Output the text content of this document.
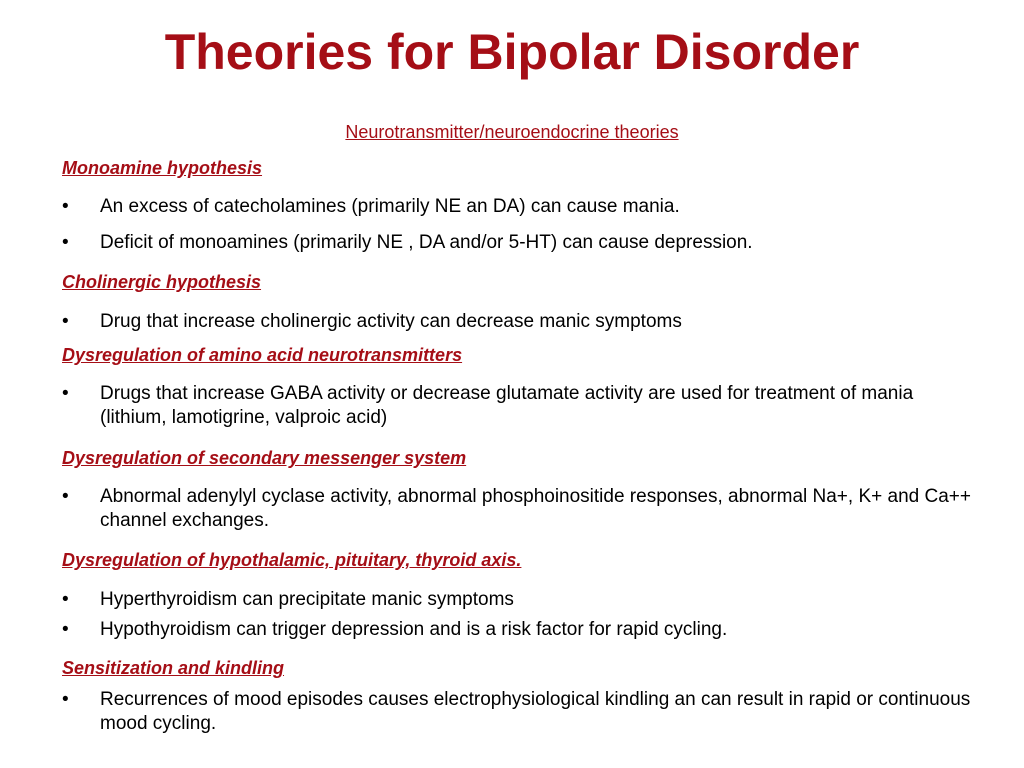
Theories for Bipolar Disorder
Neurotransmitter/neuroendocrine theories
Monoamine hypothesis
•	An excess of catecholamines (primarily NE an DA) can cause mania.
•	Deficit of monoamines (primarily NE , DA and/or 5-HT) can cause depression.
Cholinergic hypothesis
•	Drug that increase cholinergic activity can decrease manic symptoms
Dysregulation of amino acid neurotransmitters
•	Drugs that increase GABA activity or decrease glutamate activity are used for treatment of mania (lithium, lamotigrine, valproic acid)
Dysregulation of secondary messenger system
•	Abnormal adenylyl cyclase activity, abnormal phosphoinositide responses, abnormal Na+, K+ and Ca++ channel exchanges.
Dysregulation of hypothalamic, pituitary, thyroid axis.
•	Hyperthyroidism can precipitate manic symptoms
•	Hypothyroidism can trigger depression and is a risk factor for rapid cycling.
Sensitization and kindling
•	Recurrences of mood episodes causes electrophysiological kindling an can result in rapid or continuous mood cycling.
